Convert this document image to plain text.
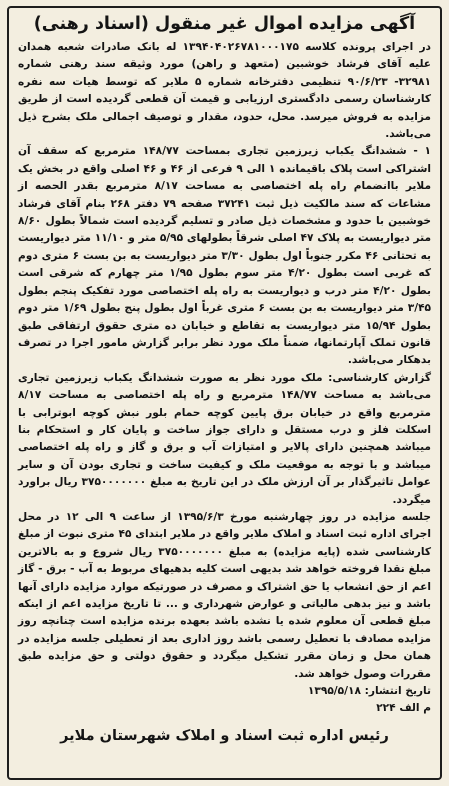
آگهی مزایده اموال غیر منقول (اسناد رهنی)

در اجرای پرونده کلاسه ۱۳۹۴۰۴۰۲۶۷۸۱۰۰۰۱۷۵ له بانک صادرات شعبه همدان علیه آقای فرشاد خوشبین (متعهد و راهن) مورد وثیقه سند رهنی شماره ۳۲۹۸۱- ۹۰/۶/۲۳ تنظیمی دفترخانه شماره ۵ ملایر که توسط هیات سه نفره کارشناسان رسمی دادگستری ارزیابی و قیمت آن قطعی گردیده است از طریق مزایده به فروش میرسد. محل، حدود، مقدار و توصیف اجمالی ملک بشرح ذیل می‌باشد.

۱ - ششدانگ یکباب زیرزمین تجاری بمساحت ۱۴۸/۷۷ مترمربع که سقف آن اشتراکی است پلاک باقیمانده ۱ الی ۹ فرعی از ۴۶ و ۴۶ اصلی واقع در بخش یک ملایر باانضمام راه پله اختصاصی به مساحت ۸/۱۷ مترمربع بقدر الحصه از مشاعات که سند مالکیت ذیل ثبت ۳۷۲۴۱ صفحه ۷۹ دفتر ۲۶۸ بنام آقای فرشاد خوشبین با حدود و مشخصات ذیل صادر و تسلیم گردیده است شمالاً بطول ۸/۶۰ متر دیواریست به پلاک ۴۷ اصلی شرقاً بطولهای ۵/۹۵ متر و ۱۱/۱۰ متر دیواریست به تحتانی ۴۶ مکرر جنوباً اول بطول ۳/۳۰ متر دیواریست به بن بست ۶ متری دوم که غربی است بطول ۴/۲۰ متر سوم بطول ۱/۹۵ متر چهارم که شرقی است بطول ۴/۲۰ متر درب و دیواریست به راه پله اختصاصی مورد تفکیک پنجم بطول ۳/۴۵ متر دیواریست به بن بست ۶ متری غرباً اول بطول پنج بطول ۱/۶۹ متر دوم بطول ۱۵/۹۴ متر دیواریست به تقاطع و خیابان ده متری حقوق ارتفاقی طبق قانون تملک آپارتمانها، ضمناً ملک مورد نظر برابر گزارش مامور اجرا در تصرف بدهکار می‌باشد.

گزارش کارشناسی: ملک مورد نظر به صورت ششدانگ یکباب زیرزمین تجاری می‌باشد به مساحت ۱۴۸/۷۷ مترمربع و راه پله اختصاصی به مساحت ۸/۱۷ مترمربع واقع در خیابان برق پایین کوچه حمام بلور نبش کوچه ابوترابی با اسکلت فلز و درب مستقل و دارای جواز ساخت و پایان کار و استحکام بنا میباشد همچنین دارای پالایر و امتیازات آب و برق و گاز و راه پله اختصاصی میباشد و با توجه به موقعیت ملک و کیفیت ساخت و تجاری بودن آن و سایر عوامل تاثیرگذار بر آن ارزش ملک در این تاریخ به مبلغ ۳۷۵۰۰۰۰۰۰۰ ریال براورد میگردد.

جلسه مزایده در روز چهارشنبه مورخ ۱۳۹۵/۶/۳ از ساعت ۹ الی ۱۲ در محل اجرای اداره ثبت اسناد و املاک ملایر واقع در ملایر ابتدای ۴۵ متری نبوت از مبلغ کارشناسی شده (پایه مزایده) به مبلغ ۳۷۵۰۰۰۰۰۰۰ ریال شروع و به بالاترین مبلغ نقدا فروخته خواهد شد بدیهی است کلیه بدهیهای مربوط به آب - برق - گاز اعم از حق انشعاب یا حق اشتراک و مصرف در صورتیکه موارد مزایده دارای آنها باشد و نیز بدهی مالیاتی و عوارض شهرداری و ... تا تاریخ مزایده اعم از اینکه مبلغ قطعی آن معلوم شده یا نشده باشد بعهده برنده مزایده است چنانچه روز مزایده مصادف با تعطیل رسمی باشد روز اداری بعد از تعطیلی جلسه مزایده در همان محل و زمان مقرر تشکیل میگردد و حقوق دولتی و حق مزایده طبق مقررات وصول خواهد شد.

تاریخ انتشار: ۱۳۹۵/۵/۱۸
م الف ۲۲۴
رئیس اداره ثبت اسناد و املاک شهرستان ملایر
